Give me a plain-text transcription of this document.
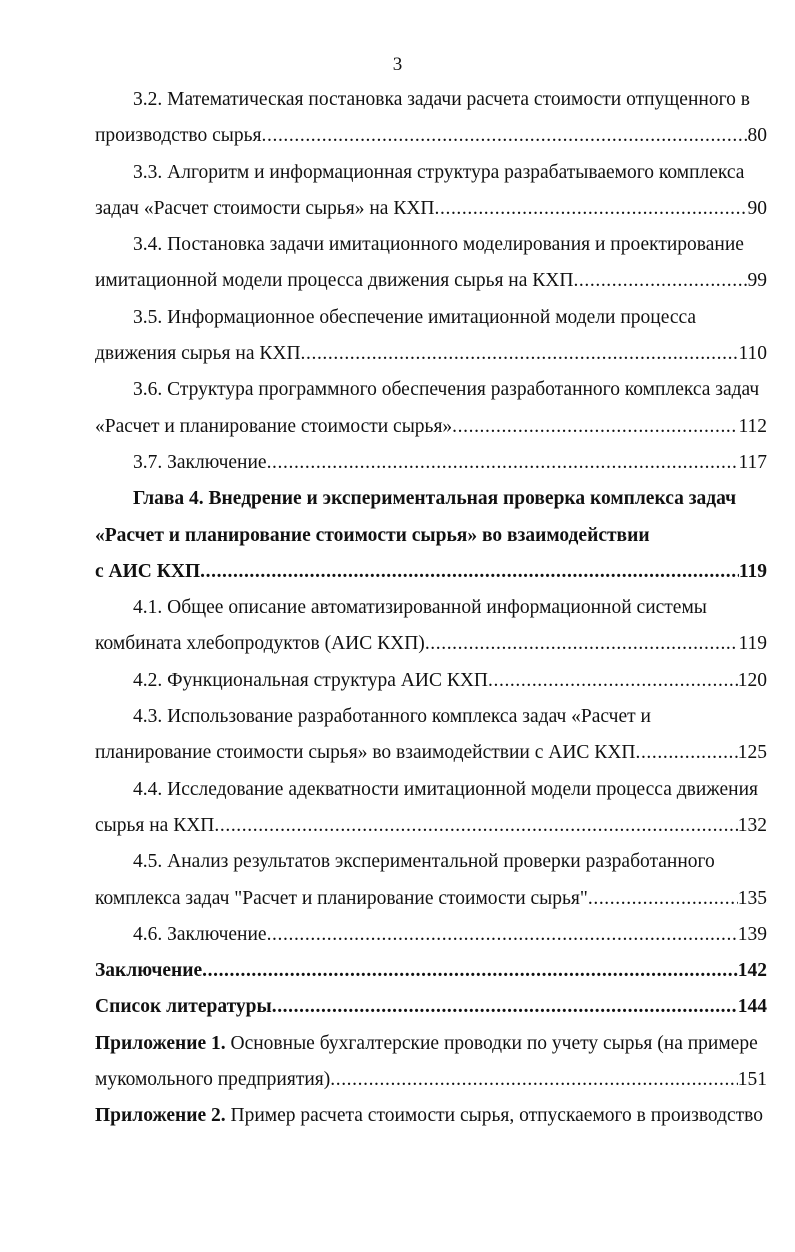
3
3.2. Математическая постановка задачи расчета стоимости отпущенного в
производство сырья .....	80
3.3. Алгоритм и информационная структура разрабатываемого комплекса
задач «Расчет стоимости сырья» на КХП .....	90
3.4. Постановка задачи имитационного моделирования и проектирование
имитационной модели процесса движения сырья на КХП .....	99
3.5. Информационное обеспечение имитационной модели процесса
движения сырья на КХП .....	110
3.6. Структура программного обеспечения разработанного комплекса задач
«Расчет и планирование стоимости сырья» .....	112
3.7. Заключение .....	117
Глава 4. Внедрение и экспериментальная проверка комплекса задач
«Расчет и планирование стоимости сырья» во взаимодействии
с АИС КХП .....	119
4.1. Общее описание автоматизированной информационной системы
комбината хлебопродуктов (АИС КХП) .....	119
4.2. Функциональная структура АИС КХП .....	120
4.3. Использование разработанного комплекса задач «Расчет и
планирование стоимости сырья» во взаимодействии с АИС КХП .....	125
4.4. Исследование адекватности имитационной модели процесса движения
сырья на КХП .....	132
4.5. Анализ результатов экспериментальной проверки разработанного
комплекса задач "Расчет и планирование стоимости сырья" .....	135
4.6. Заключение .....	139
Заключение .....	142
Список литературы .....	144
Приложение 1. Основные бухгалтерские проводки по учету сырья (на примере
мукомольного предприятия) .....	151
Приложение 2. Пример расчета стоимости сырья, отпускаемого в производство
